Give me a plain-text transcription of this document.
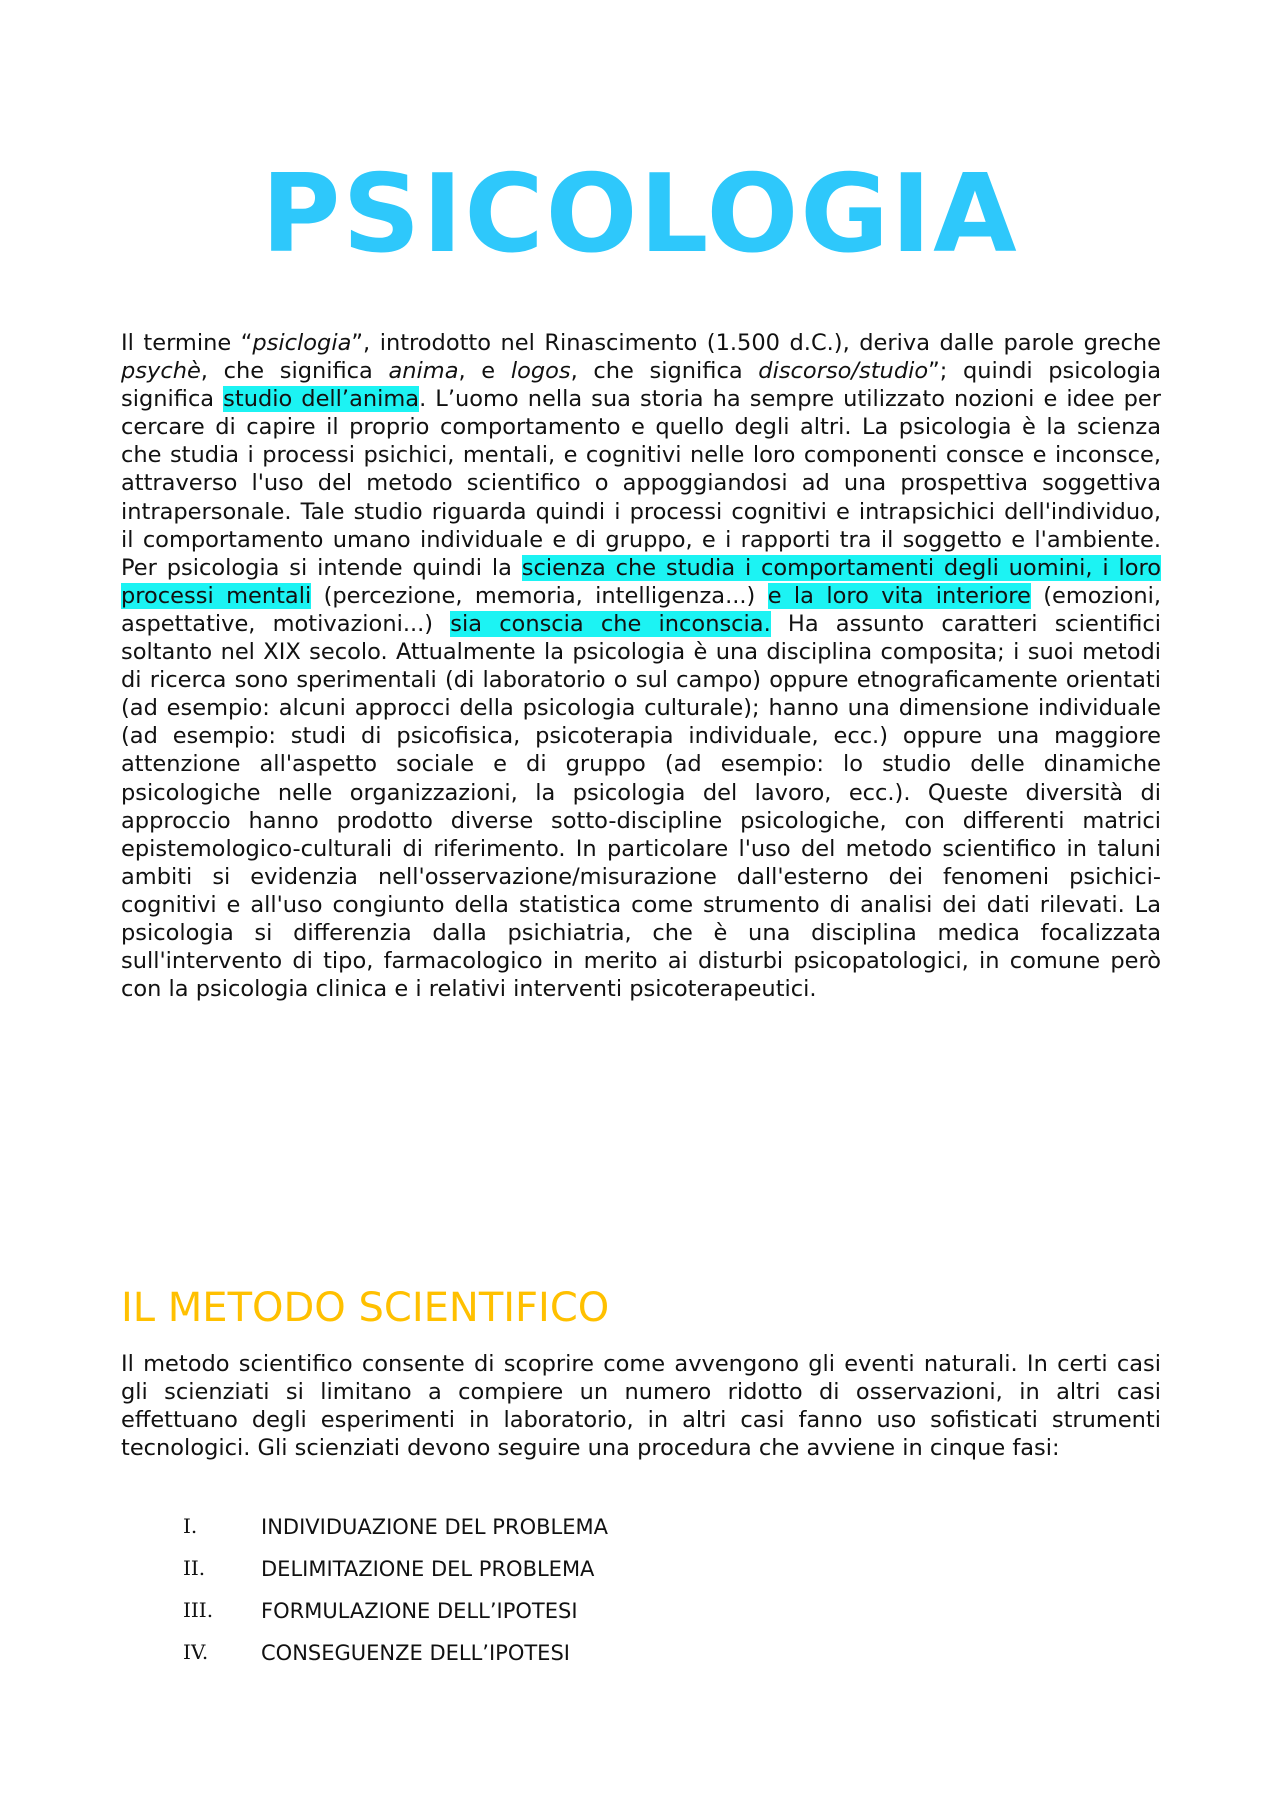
PSICOLOGIA

Il termine “psiclogia”, introdotto nel Rinascimento (1.500 d.C.), deriva dalle parole greche psychè, che significa anima, e logos, che significa discorso/studio”; quindi psicologia significa studio dell’anima. L’uomo nella sua storia ha sempre utilizzato nozioni e idee per cercare di capire il proprio comportamento e quello degli altri. La psicologia è la scienza che studia i processi psichici, mentali, e cognitivi nelle loro componenti consce e inconsce, attraverso l'uso del metodo scientifico o appoggiandosi ad una prospettiva soggettiva intrapersonale. Tale studio riguarda quindi i processi cognitivi e intrapsichici dell'individuo, il comportamento umano individuale e di gruppo, e i rapporti tra il soggetto e l'ambiente. Per psicologia si intende quindi la scienza che studia i comportamenti degli uomini, i loro processi mentali (percezione, memoria, intelligenza...) e la loro vita interiore (emozioni, aspettative, motivazioni...) sia conscia che inconscia. Ha assunto caratteri scientifici soltanto nel XIX secolo. Attualmente la psicologia è una disciplina composita; i suoi metodi di ricerca sono sperimentali (di laboratorio o sul campo) oppure etnograficamente orientati (ad esempio: alcuni approcci della psicologia culturale); hanno una dimensione individuale (ad esempio: studi di psicofisica, psicoterapia individuale, ecc.) oppure una maggiore attenzione all'aspetto sociale e di gruppo (ad esempio: lo studio delle dinamiche psicologiche nelle organizzazioni, la psicologia del lavoro, ecc.). Queste diversità di approccio hanno prodotto diverse sotto-discipline psicologiche, con differenti matrici epistemologico-culturali di riferimento. In particolare l'uso del metodo scientifico in taluni ambiti si evidenzia nell'osservazione/misurazione dall'esterno dei fenomeni psichici-cognitivi e all'uso congiunto della statistica come strumento di analisi dei dati rilevati. La psicologia si differenzia dalla psichiatria, che è una disciplina medica focalizzata sull'intervento di tipo, farmacologico in merito ai disturbi psicopatologici, in comune però con la psicologia clinica e i relativi interventi psicoterapeutici.

IL METODO SCIENTIFICO

Il metodo scientifico consente di scoprire come avvengono gli eventi naturali. In certi casi gli scienziati si limitano a compiere un numero ridotto di osservazioni, in altri casi effettuano degli esperimenti in laboratorio, in altri casi fanno uso sofisticati strumenti tecnologici. Gli scienziati devono seguire una procedura che avviene in cinque fasi:

I.	INDIVIDUAZIONE DEL PROBLEMA
II.	DELIMITAZIONE DEL PROBLEMA
III. FORMULAZIONE DELL’IPOTESI
IV.	CONSEGUENZE DELL’IPOTESI
